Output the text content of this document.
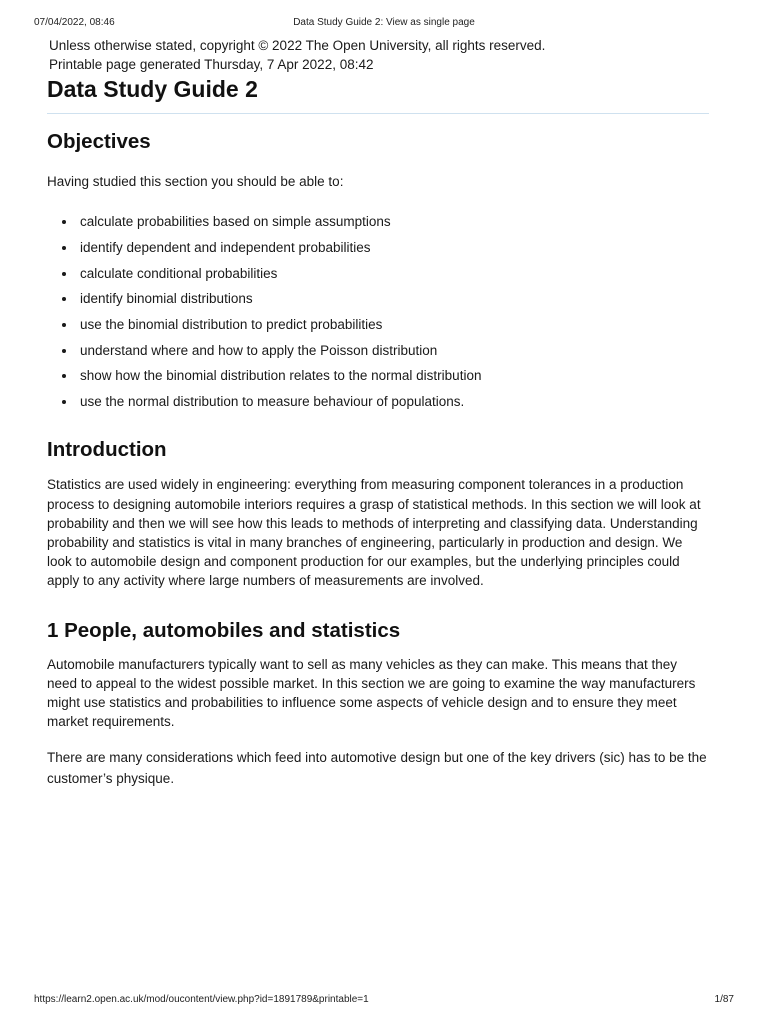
07/04/2022, 08:46	Data Study Guide 2: View as single page
Unless otherwise stated, copyright © 2022 The Open University, all rights reserved.
Printable page generated Thursday, 7 Apr 2022, 08:42
Data Study Guide 2
Objectives

Having studied this section you should be able to:

calculate probabilities based on simple assumptions
identify dependent and independent probabilities
calculate conditional probabilities
identify binomial distributions
use the binomial distribution to predict probabilities
understand where and how to apply the Poisson distribution
show how the binomial distribution relates to the normal distribution
use the normal distribution to measure behaviour of populations.
Introduction

Statistics are used widely in engineering: everything from measuring component tolerances in a production process to designing automobile interiors requires a grasp of statistical methods. In this section we will look at probability and then we will see how this leads to methods of interpreting and classifying data. Understanding probability and statistics is vital in many branches of engineering, particularly in production and design. We look to automobile design and component production for our examples, but the underlying principles could apply to any activity where large numbers of measurements are involved.

1 People, automobiles and statistics

Automobile manufacturers typically want to sell as many vehicles as they can make. This means that they need to appeal to the widest possible market. In this section we are going to examine the way manufacturers might use statistics and probabilities to influence some aspects of vehicle design and to ensure they meet market requirements.

There are many considerations which feed into automotive design but one of the key drivers (sic) has to be the customer’s physique.

https://learn2.open.ac.uk/mod/oucontent/view.php?id=1891789&printable=1	1/87
